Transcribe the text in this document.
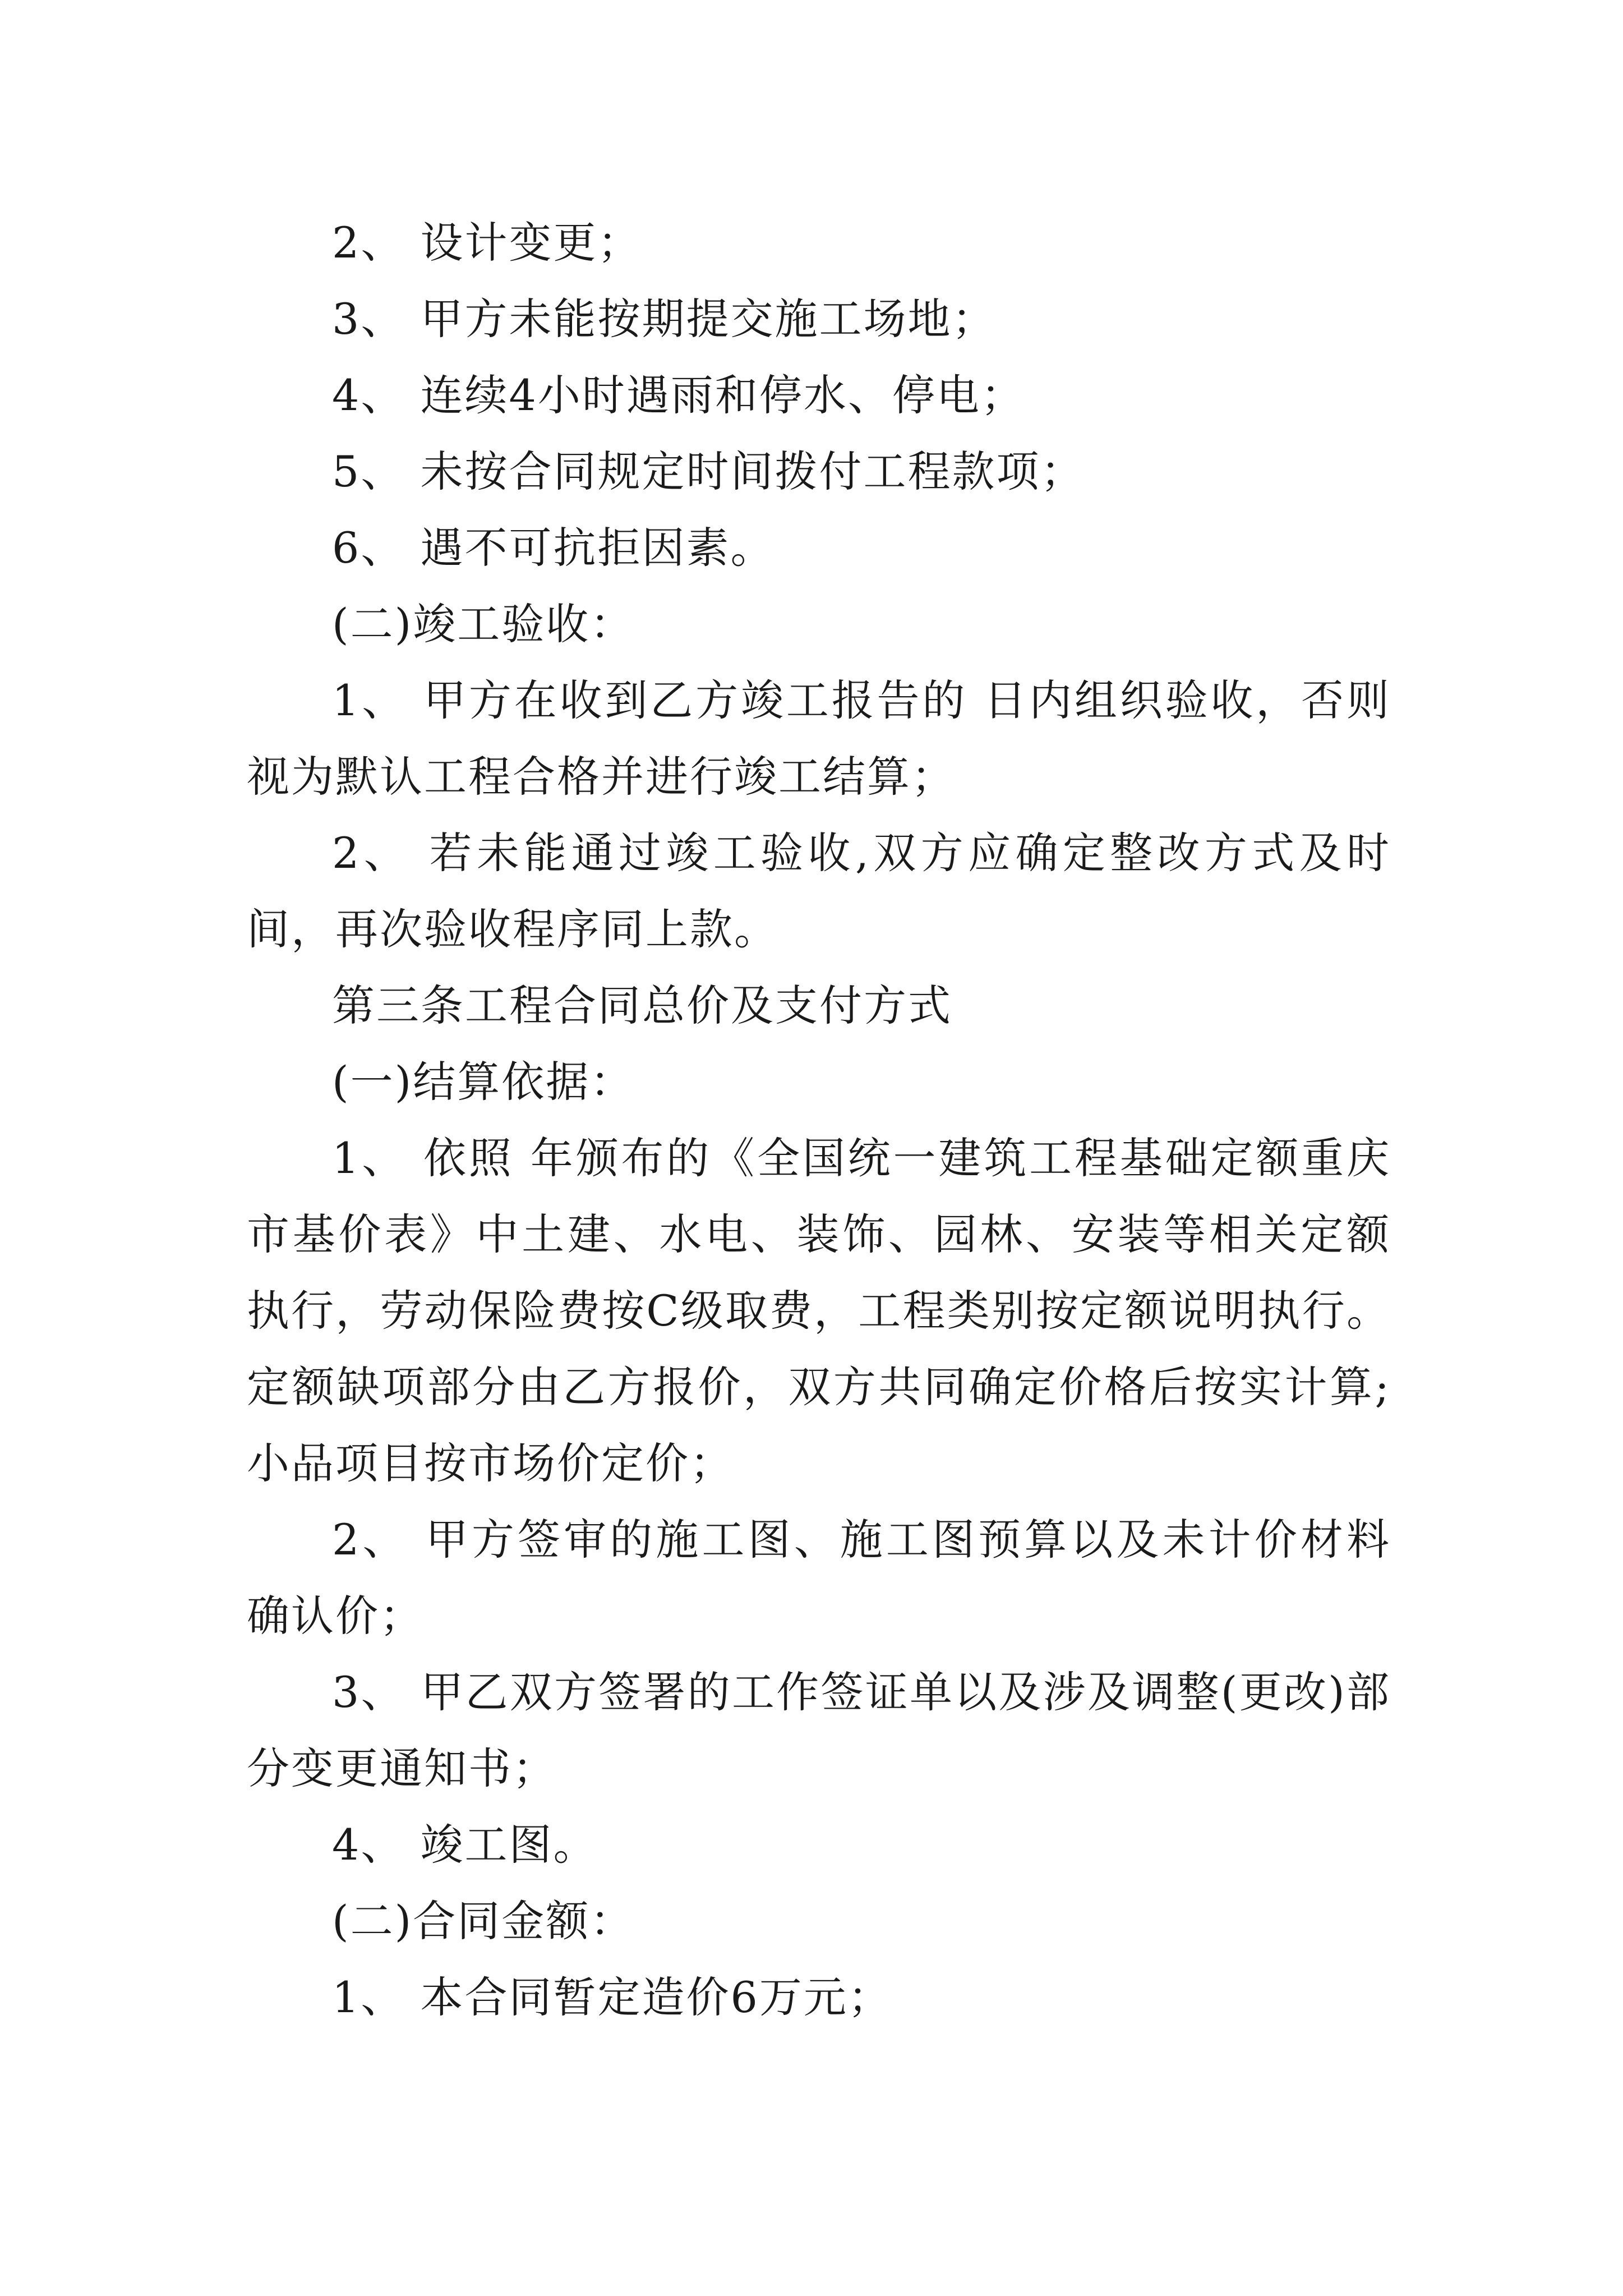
2、 设计变更；

3、 甲方未能按期提交施工场地；

4、 连续4小时遇雨和停水、停电；

5、 未按合同规定时间拨付工程款项；

6、 遇不可抗拒因素。

(二)竣工验收：

1、 甲方在收到乙方竣工报告的 日内组织验收，否则视为默认工程合格并进行竣工结算；

2、 若未能通过竣工验收,双方应确定整改方式及时间，再次验收程序同上款。

第三条工程合同总价及支付方式

(一)结算依据：

1、 依照 年颁布的《全国统一建筑工程基础定额重庆市基价表》中土建、水电、装饰、园林、安装等相关定额执行，劳动保险费按C级取费，工程类别按定额说明执行。定额缺项部分由乙方报价，双方共同确定价格后按实计算;小品项目按市场价定价；

2、 甲方签审的施工图、施工图预算以及未计价材料确认价；

3、 甲乙双方签署的工作签证单以及涉及调整(更改)部分变更通知书；

4、 竣工图。

(二)合同金额：

1、 本合同暂定造价6万元；
